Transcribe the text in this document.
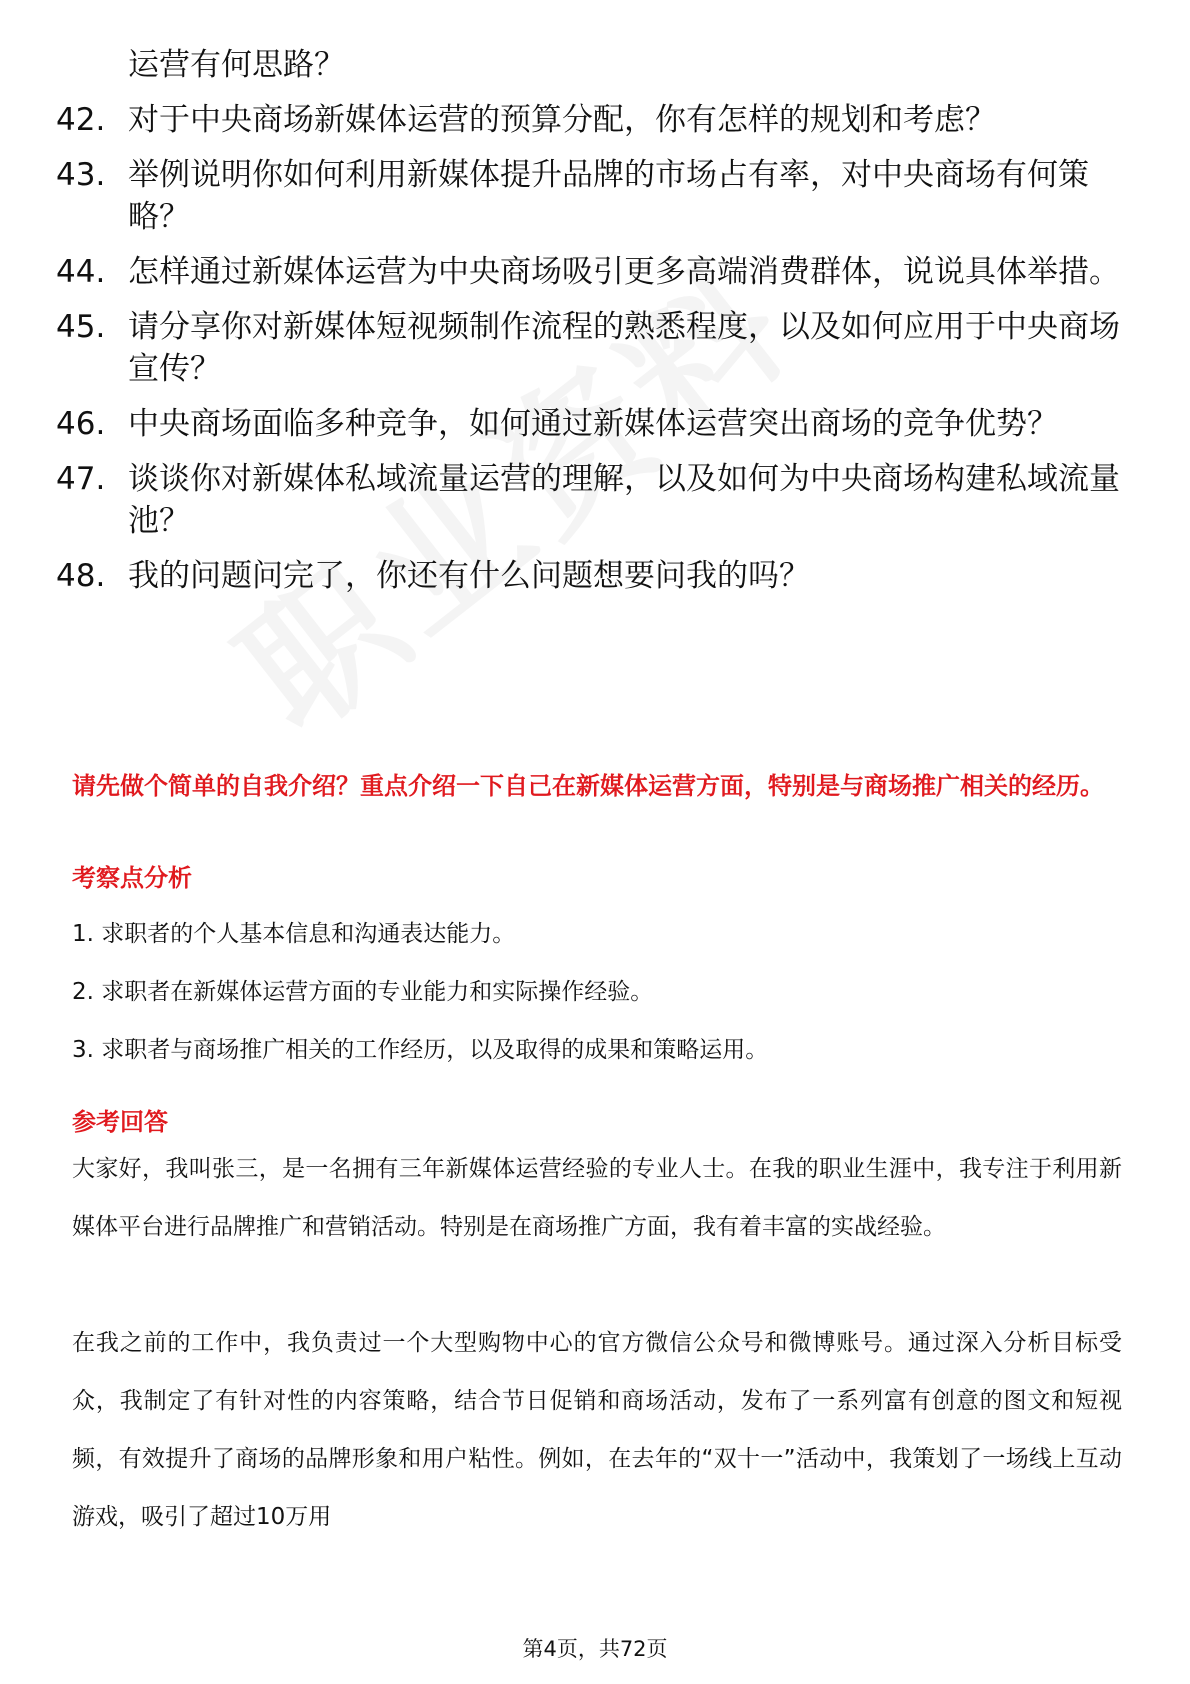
运营有何思路？
42. 对于中央商场新媒体运营的预算分配，你有怎样的规划和考虑？
43. 举例说明你如何利用新媒体提升品牌的市场占有率，对中央商场有何策略？
44. 怎样通过新媒体运营为中央商场吸引更多高端消费群体，说说具体举措。
45. 请分享你对新媒体短视频制作流程的熟悉程度，以及如何应用于中央商场宣传？
46. 中央商场面临多种竞争，如何通过新媒体运营突出商场的竞争优势？
47. 谈谈你对新媒体私域流量运营的理解，以及如何为中央商场构建私域流量池？
48. 我的问题问完了，你还有什么问题想要问我的吗？
请先做个简单的自我介绍？重点介绍一下自己在新媒体运营方面，特别是与商场推广相关的经历。
考察点分析
1. 求职者的个人基本信息和沟通表达能力。
2. 求职者在新媒体运营方面的专业能力和实际操作经验。
3. 求职者与商场推广相关的工作经历，以及取得的成果和策略运用。
参考回答
大家好，我叫张三，是一名拥有三年新媒体运营经验的专业人士。在我的职业生涯中，我专注于利用新媒体平台进行品牌推广和营销活动。特别是在商场推广方面，我有着丰富的实战经验。
在我之前的工作中，我负责过一个大型购物中心的官方微信公众号和微博账号。通过深入分析目标受众，我制定了有针对性的内容策略，结合节日促销和商场活动，发布了一系列富有创意的图文和短视频，有效提升了商场的品牌形象和用户粘性。例如，在去年的“双十一”活动中，我策划了一场线上互动游戏，吸引了超过10万用
第4页，共72页
